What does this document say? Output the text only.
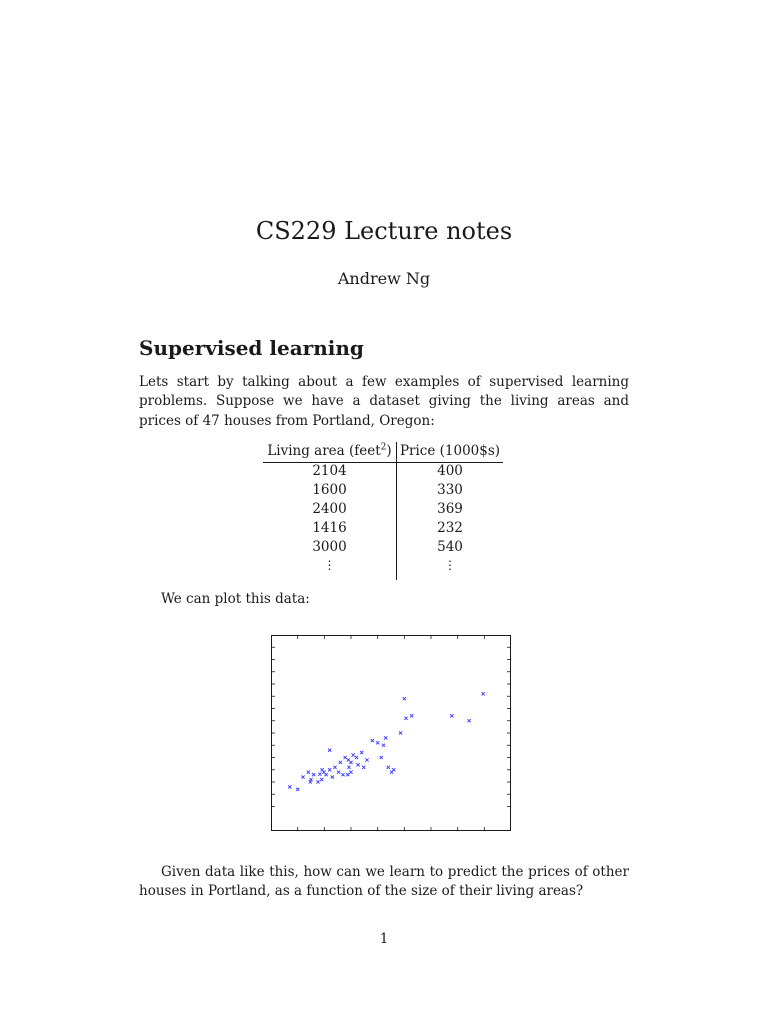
CS229 Lecture notes
Andrew Ng
Supervised learning
Lets start by talking about a few examples of supervised learning problems. Suppose we have a dataset giving the living areas and prices of 47 houses from Portland, Oregon:
Living area (feet$^2$)
2104
1600
2400
1416
3000
⋮
Price (1000$s)
400
330
369
232
540
⋮
We can plot this data:
Given data like this, how can we learn to predict the prices of other houses in Portland, as a function of the size of their living areas?
1
